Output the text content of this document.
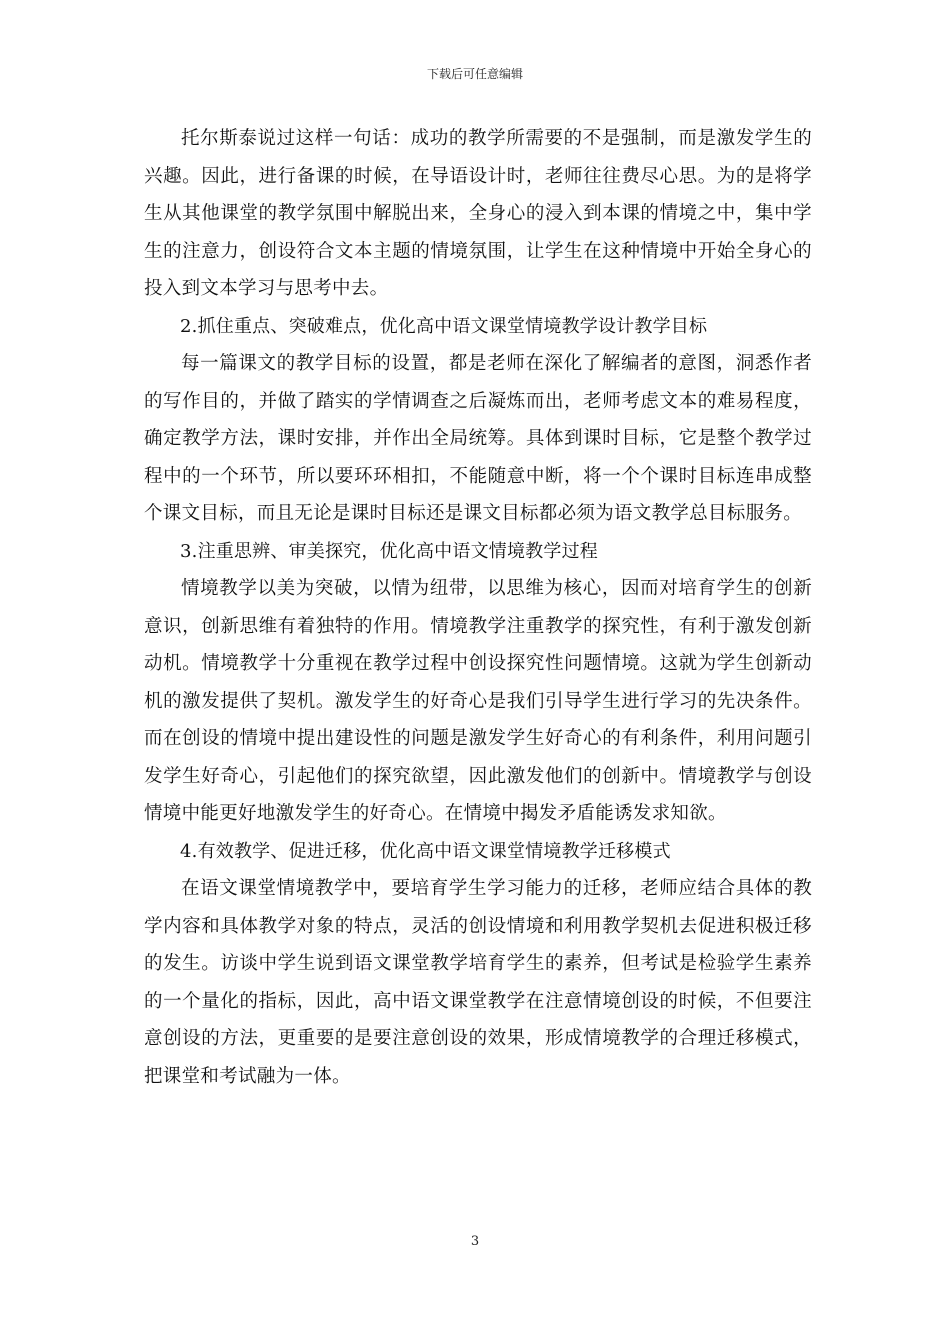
下载后可任意编辑

托尔斯泰说过这样一句话：成功的教学所需要的不是强制，而是激发学生的兴趣。因此，进行备课的时候，在导语设计时，老师往往费尽心思。为的是将学生从其他课堂的教学氛围中解脱出来，全身心的浸入到本课的情境之中，集中学生的注意力，创设符合文本主题的情境氛围，让学生在这种情境中开始全身心的投入到文本学习与思考中去。

2.抓住重点、突破难点，优化高中语文课堂情境教学设计教学目标

每一篇课文的教学目标的设置，都是老师在深化了解编者的意图，洞悉作者的写作目的，并做了踏实的学情调查之后凝炼而出，老师考虑文本的难易程度，确定教学方法，课时安排，并作出全局统筹。具体到课时目标，它是整个教学过程中的一个环节，所以要环环相扣，不能随意中断，将一个个课时目标连串成整个课文目标，而且无论是课时目标还是课文目标都必须为语文教学总目标服务。

3.注重思辨、审美探究，优化高中语文情境教学过程

情境教学以美为突破，以情为纽带，以思维为核心，因而对培育学生的创新意识，创新思维有着独特的作用。情境教学注重教学的探究性，有利于激发创新动机。情境教学十分重视在教学过程中创设探究性问题情境。这就为学生创新动机的激发提供了契机。激发学生的好奇心是我们引导学生进行学习的先决条件。而在创设的情境中提出建设性的问题是激发学生好奇心的有利条件，利用问题引发学生好奇心，引起他们的探究欲望，因此激发他们的创新中。情境教学与创设情境中能更好地激发学生的好奇心。在情境中揭发矛盾能诱发求知欲。

4.有效教学、促进迁移，优化高中语文课堂情境教学迁移模式

在语文课堂情境教学中，要培育学生学习能力的迁移，老师应结合具体的教学内容和具体教学对象的特点，灵活的创设情境和利用教学契机去促进积极迁移的发生。访谈中学生说到语文课堂教学培育学生的素养，但考试是检验学生素养的一个量化的指标，因此，高中语文课堂教学在注意情境创设的时候，不但要注意创设的方法，更重要的是要注意创设的效果，形成情境教学的合理迁移模式，把课堂和考试融为一体。

3
